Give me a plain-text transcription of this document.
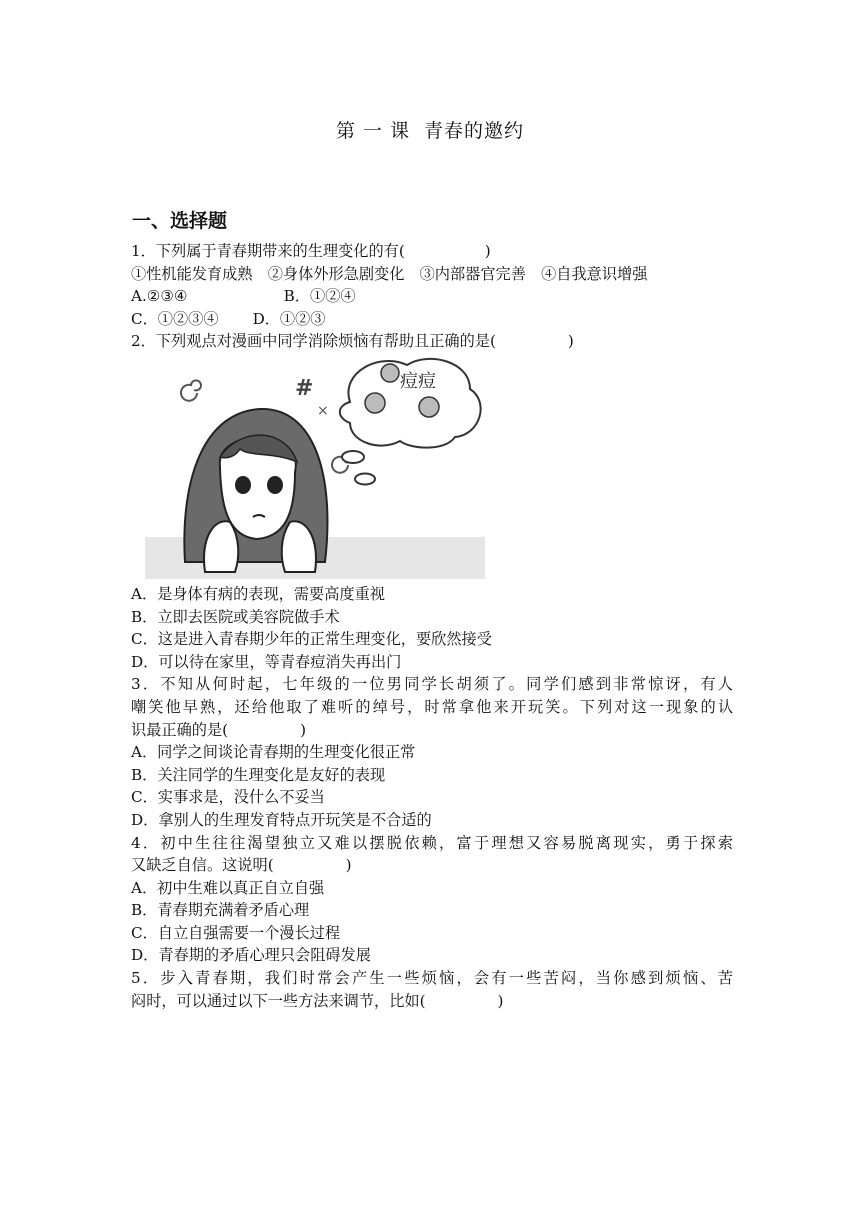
第 一 课 青春的邀约
一、选择题
1．下列属于青春期带来的生理变化的有(	)
①性机能发育成熟　②身体外形急剧变化　③内部器官完善　④自我意识增强
A.②③④	B．①②④
C．①②③④ D．①②③
2．下列观点对漫画中同学消除烦恼有帮助且正确的是(	)
#
×
痘痘
A．是身体有病的表现，需要高度重视
B．立即去医院或美容院做手术
C．这是进入青春期少年的正常生理变化，要欣然接受
D．可以待在家里，等青春痘消失再出门
3．不知从何时起，七年级的一位男同学长胡须了。同学们感到非常惊讶，有人
嘲笑他早熟，还给他取了难听的绰号，时常拿他来开玩笑。下列对这一现象的认
识最正确的是(	)
A．同学之间谈论青春期的生理变化很正常
B．关注同学的生理变化是友好的表现
C．实事求是，没什么不妥当
D．拿别人的生理发育特点开玩笑是不合适的
4．初中生往往渴望独立又难以摆脱依赖，富于理想又容易脱离现实，勇于探索
又缺乏自信。这说明(	)
A．初中生难以真正自立自强
B．青春期充满着矛盾心理
C．自立自强需要一个漫长过程
D．青春期的矛盾心理只会阻碍发展
5．步入青春期，我们时常会产生一些烦恼，会有一些苦闷，当你感到烦恼、苦
闷时，可以通过以下一些方法来调节，比如(	)
